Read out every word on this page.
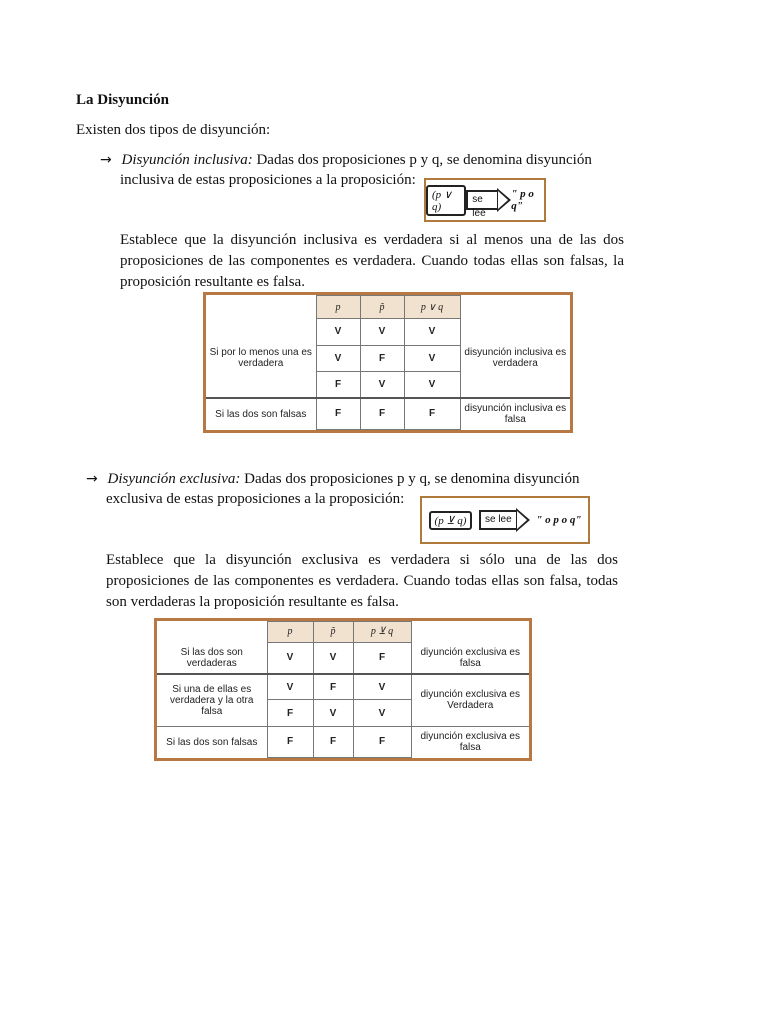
La Disyunción
Existen dos tipos de disyunción:
→ Disyunción inclusiva: Dadas dos proposiciones p y q, se denomina disyunción
inclusiva de estas proposiciones a la proposición:
(p ∨ q)
se lee
" p o q"
Establece que la disyunción inclusiva es verdadera si al menos una de las dos proposiciones de las componentes es verdadera. Cuando todas ellas son falsas, la proposición resultante es falsa.
	p	p̃	p ∨ q	
Si por lo menos una es verdadera	V	V	V	disyunción inclusiva es verdadera
	V	F	V	
	F	V	V	
Si las dos son falsas	F	F	F	disyunción inclusiva es falsa
→ Disyunción exclusiva: Dadas dos proposiciones p y q, se denomina disyunción
exclusiva de estas proposiciones a la proposición:
(p ⊻ q)	se lee	" o p o q"
Establece que la disyunción exclusiva es verdadera si sólo una de las dos proposiciones de las componentes es verdadera. Cuando todas ellas son falsa, todas son verdaderas la proposición resultante es falsa.
	p	p̃	p ⊻ q	
Si las dos son verdaderas	V	V	F	diyunción exclusiva es falsa
Si una de ellas es verdadera y la otra falsa	V	F	V	diyunción exclusiva es Verdadera
	F	V	V	
Si las dos son falsas	F	F	F	diyunción exclusiva es falsa
